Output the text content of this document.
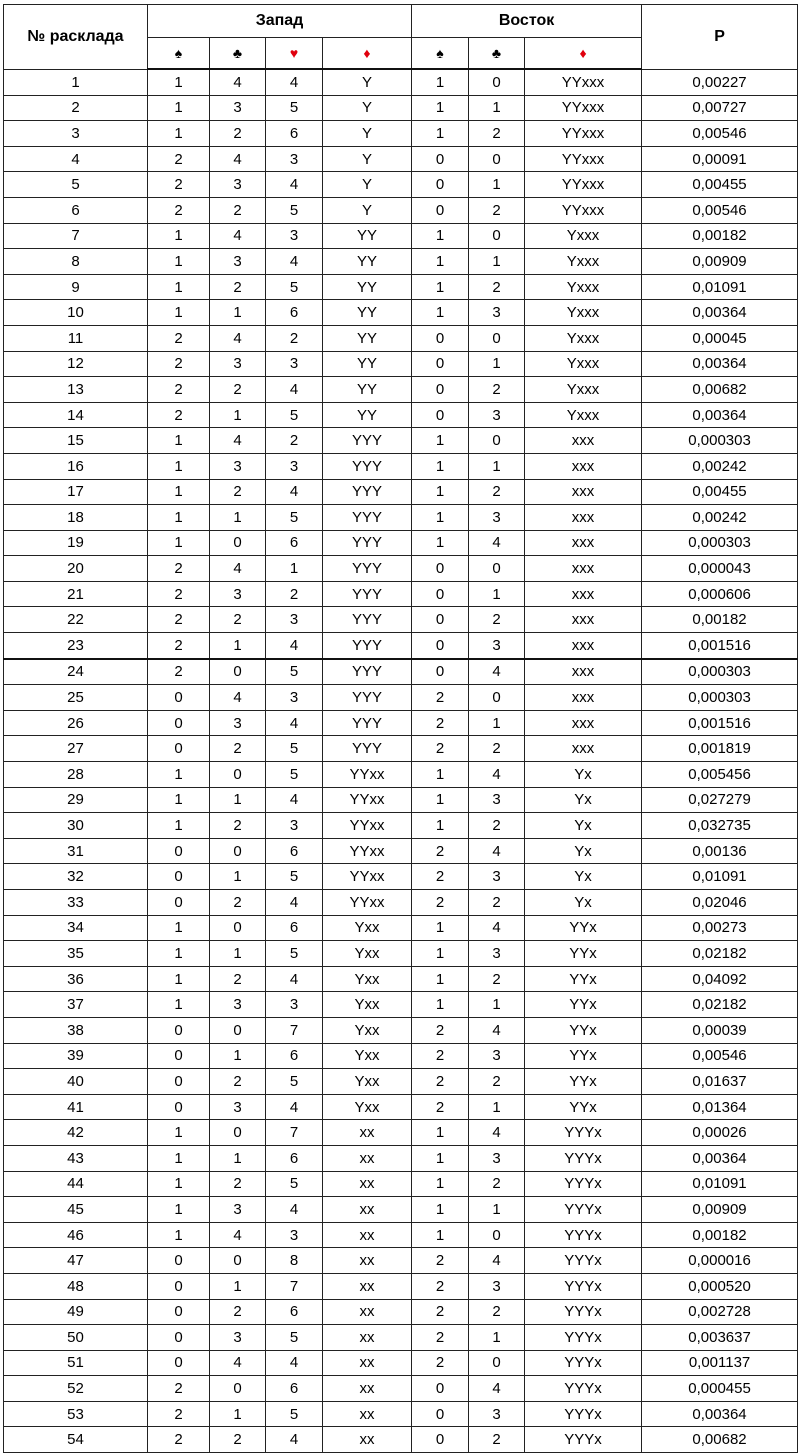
№ расклада	Запад				Восток			P
	♠	♣	♥	♦	♠	♣	♦	
1	1	4	4	Y	1	0	YYxxx	0,00227
2	1	3	5	Y	1	1	YYxxx	0,00727
3	1	2	6	Y	1	2	YYxxx	0,00546
4	2	4	3	Y	0	0	YYxxx	0,00091
5	2	3	4	Y	0	1	YYxxx	0,00455
6	2	2	5	Y	0	2	YYxxx	0,00546
7	1	4	3	YY	1	0	Yxxx	0,00182
8	1	3	4	YY	1	1	Yxxx	0,00909
9	1	2	5	YY	1	2	Yxxx	0,01091
10	1	1	6	YY	1	3	Yxxx	0,00364
11	2	4	2	YY	0	0	Yxxx	0,00045
12	2	3	3	YY	0	1	Yxxx	0,00364
13	2	2	4	YY	0	2	Yxxx	0,00682
14	2	1	5	YY	0	3	Yxxx	0,00364
15	1	4	2	YYY	1	0	xxx	0,000303
16	1	3	3	YYY	1	1	xxx	0,00242
17	1	2	4	YYY	1	2	xxx	0,00455
18	1	1	5	YYY	1	3	xxx	0,00242
19	1	0	6	YYY	1	4	xxx	0,000303
20	2	4	1	YYY	0	0	xxx	0,000043
21	2	3	2	YYY	0	1	xxx	0,000606
22	2	2	3	YYY	0	2	xxx	0,00182
23	2	1	4	YYY	0	3	xxx	0,001516
24	2	0	5	YYY	0	4	xxx	0,000303
25	0	4	3	YYY	2	0	xxx	0,000303
26	0	3	4	YYY	2	1	xxx	0,001516
27	0	2	5	YYY	2	2	xxx	0,001819
28	1	0	5	YYxx	1	4	Yx	0,005456
29	1	1	4	YYxx	1	3	Yx	0,027279
30	1	2	3	YYxx	1	2	Yx	0,032735
31	0	0	6	YYxx	2	4	Yx	0,00136
32	0	1	5	YYxx	2	3	Yx	0,01091
33	0	2	4	YYxx	2	2	Yx	0,02046
34	1	0	6	Yxx	1	4	YYx	0,00273
35	1	1	5	Yxx	1	3	YYx	0,02182
36	1	2	4	Yxx	1	2	YYx	0,04092
37	1	3	3	Yxx	1	1	YYx	0,02182
38	0	0	7	Yxx	2	4	YYx	0,00039
39	0	1	6	Yxx	2	3	YYx	0,00546
40	0	2	5	Yxx	2	2	YYx	0,01637
41	0	3	4	Yxx	2	1	YYx	0,01364
42	1	0	7	xx	1	4	YYYx	0,00026
43	1	1	6	xx	1	3	YYYx	0,00364
44	1	2	5	xx	1	2	YYYx	0,01091
45	1	3	4	xx	1	1	YYYx	0,00909
46	1	4	3	xx	1	0	YYYx	0,00182
47	0	0	8	xx	2	4	YYYx	0,000016
48	0	1	7	xx	2	3	YYYx	0,000520
49	0	2	6	xx	2	2	YYYx	0,002728
50	0	3	5	xx	2	1	YYYx	0,003637
51	0	4	4	xx	2	0	YYYx	0,001137
52	2	0	6	xx	0	4	YYYx	0,000455
53	2	1	5	xx	0	3	YYYx	0,00364
54	2	2	4	xx	0	2	YYYx	0,00682
